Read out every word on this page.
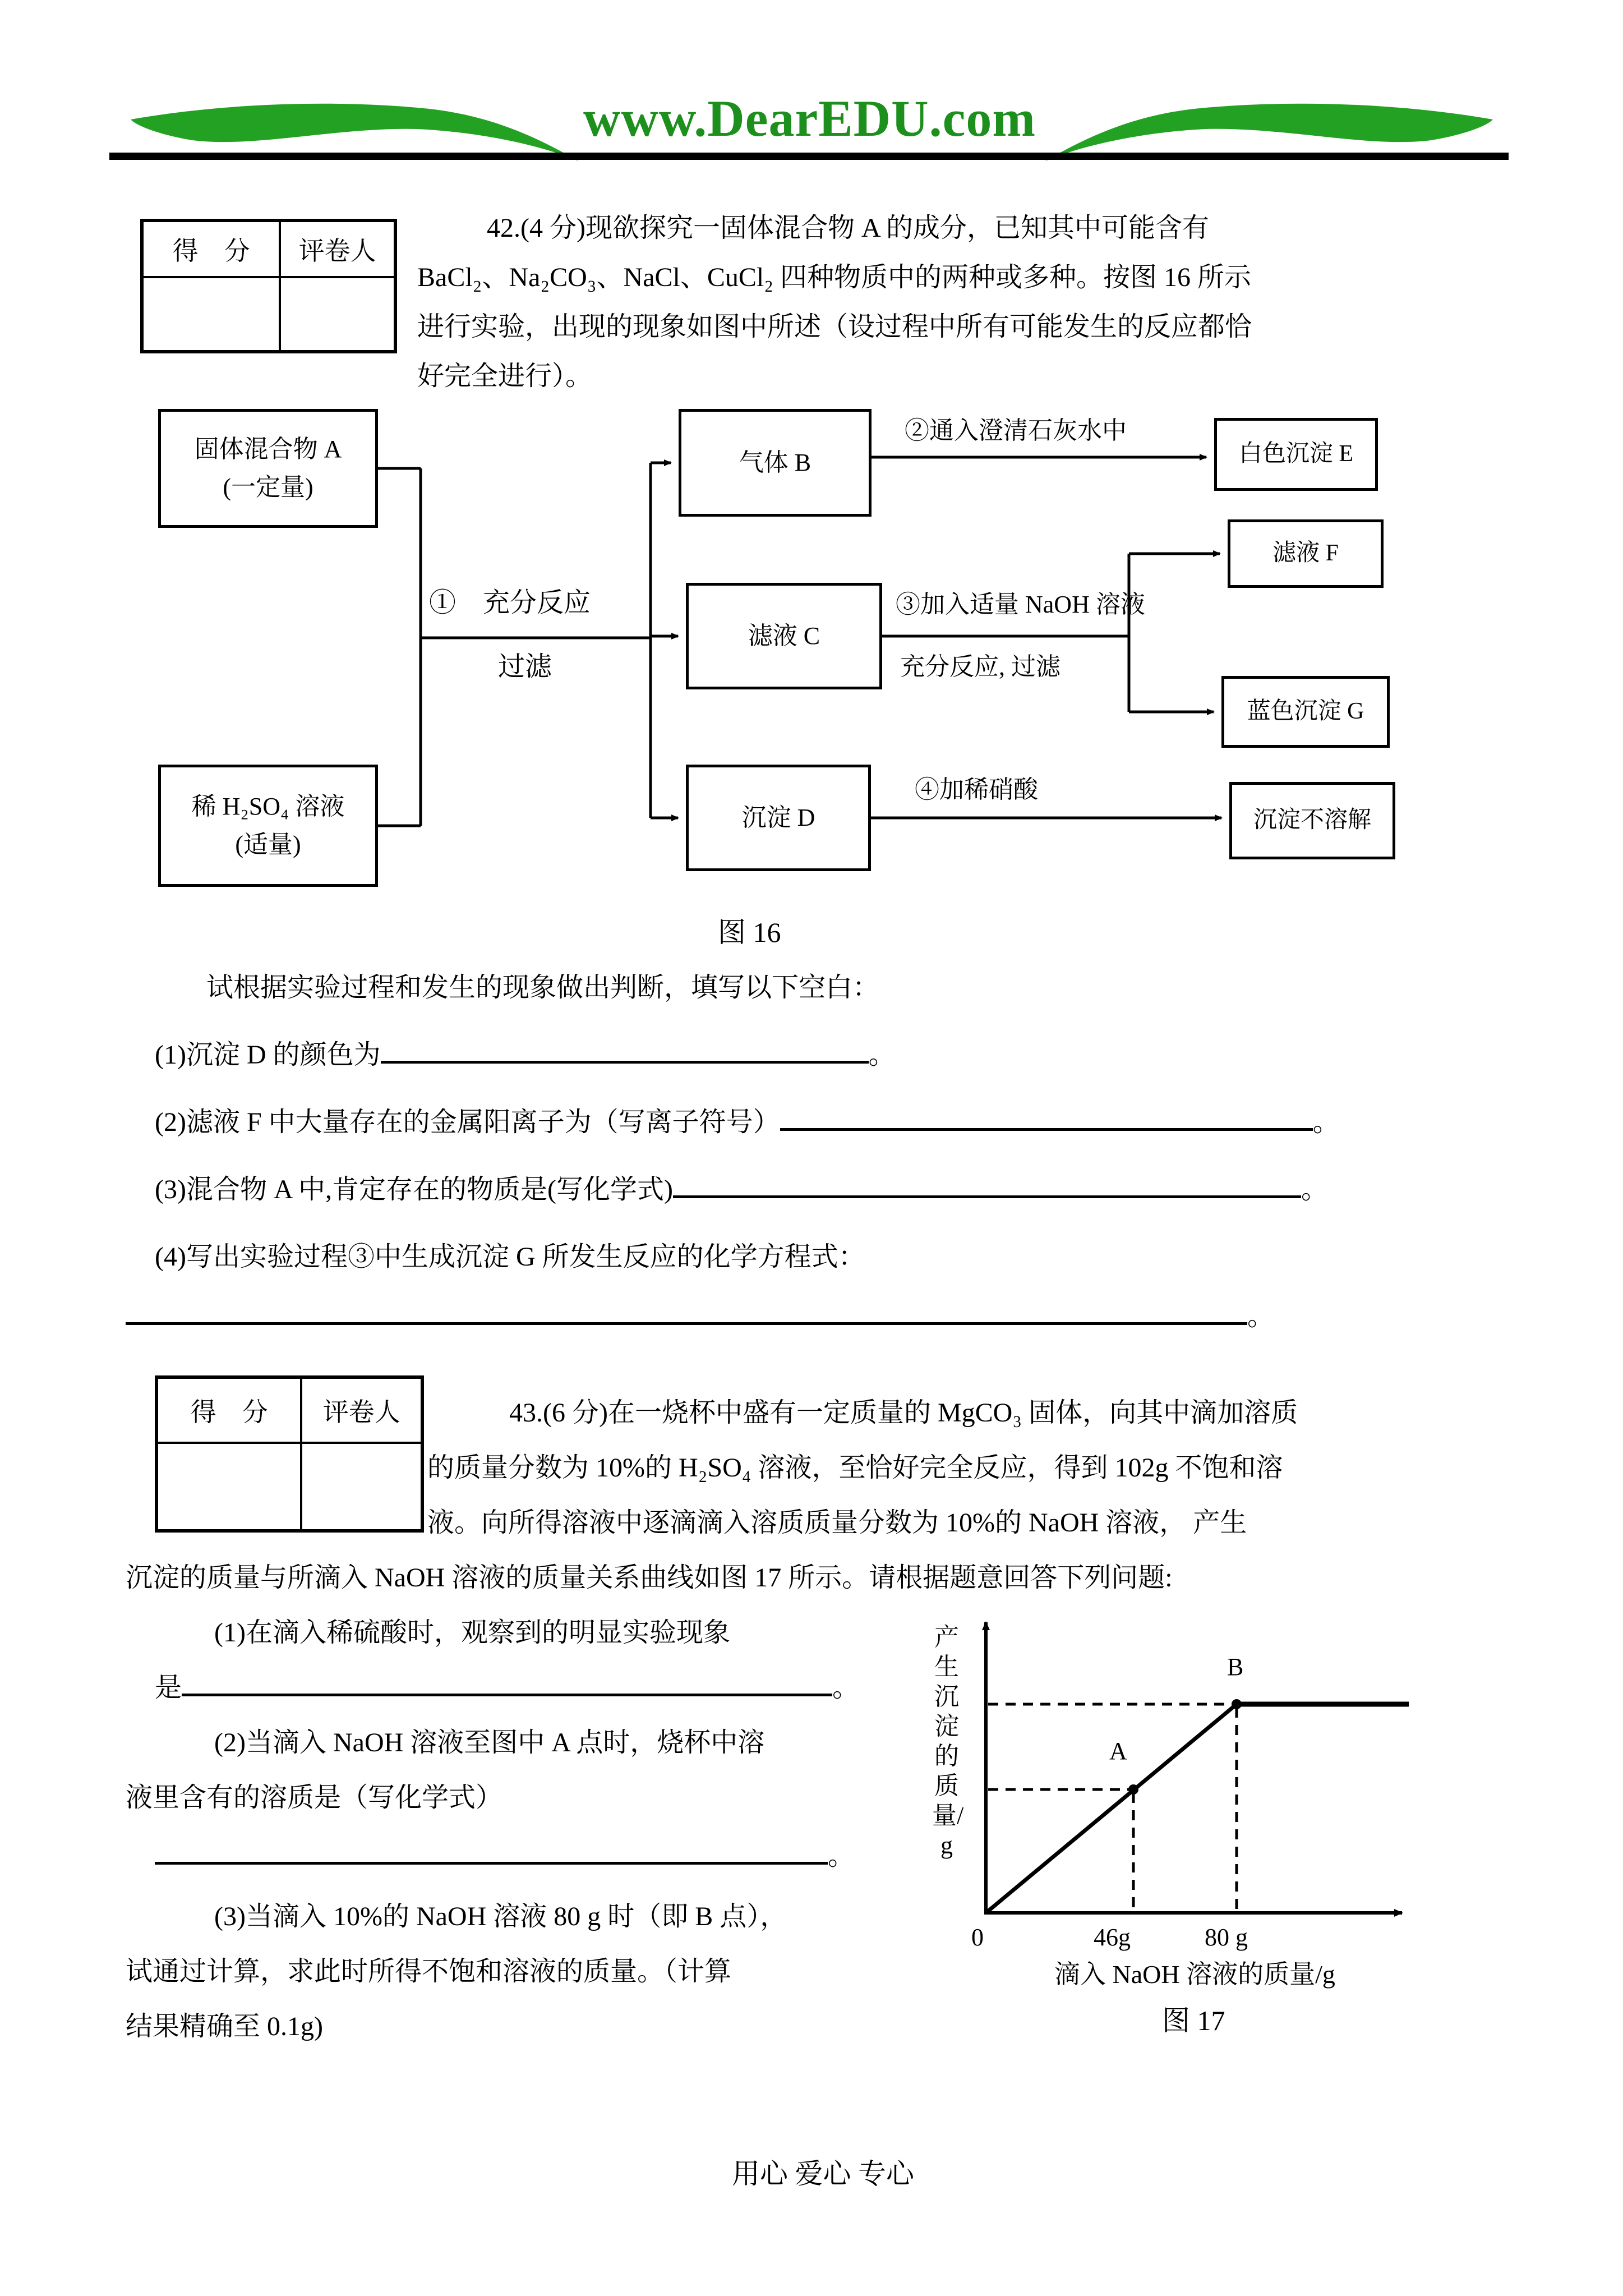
www.DearEDU.com
得　分	评卷人
42.(4 分)现欲探究一固体混合物 A 的成分，已知其中可能含有
BaCl₂、Na₂CO₃、NaCl、CuCl₂ 四种物质中的两种或多种。按图 16 所示
进行实验，出现的现象如图中所述（设过程中所有可能发生的反应都恰
好完全进行）。
固体混合物 A
(一定量)
稀 H₂SO₄ 溶液
(适量)
气体 B
滤液 C
沉淀 D
白色沉淀 E
滤液 F
蓝色沉淀 G
沉淀不溶解
①　充分反应
过滤
②通入澄清石灰水中
③加入适量 NaOH 溶液
充分反应, 过滤
④加稀硝酸
图 16
试根据实验过程和发生的现象做出判断，填写以下空白：
(1)沉淀 D 的颜色为	。
(2)滤液 F 中大量存在的金属阳离子为（写离子符号）	。
(3)混合物 A 中,肯定存在的物质是(写化学式)	。
(4)写出实验过程③中生成沉淀 G 所发生反应的化学方程式：
。
得　分	评卷人	43.(6 分)在一烧杯中盛有一定质量的 MgCO₃ 固体，向其中滴加溶质
的质量分数为 10%的 H₂SO₄ 溶液，至恰好完全反应，得到 102g 不饱和溶
液。向所得溶液中逐滴滴入溶质质量分数为 10%的 NaOH 溶液， 产生
沉淀的质量与所滴入 NaOH 溶液的质量关系曲线如图 17 所示。请根据题意回答下列问题:
(1)在滴入稀硫酸时，观察到的明显实验现象
是	。
(2)当滴入 NaOH 溶液至图中 A 点时，烧杯中溶
液里含有的溶质是（写化学式）
。
(3)当滴入 10%的 NaOH 溶液 80 g 时（即 B 点），
试通过计算，求此时所得不饱和溶液的质量。（计算
结果精确至 0.1g)
产生沉淀的质量/g
A
B
0	46g	80 g
滴入 NaOH 溶液的质量/g
图 17
用心 爱心 专心
